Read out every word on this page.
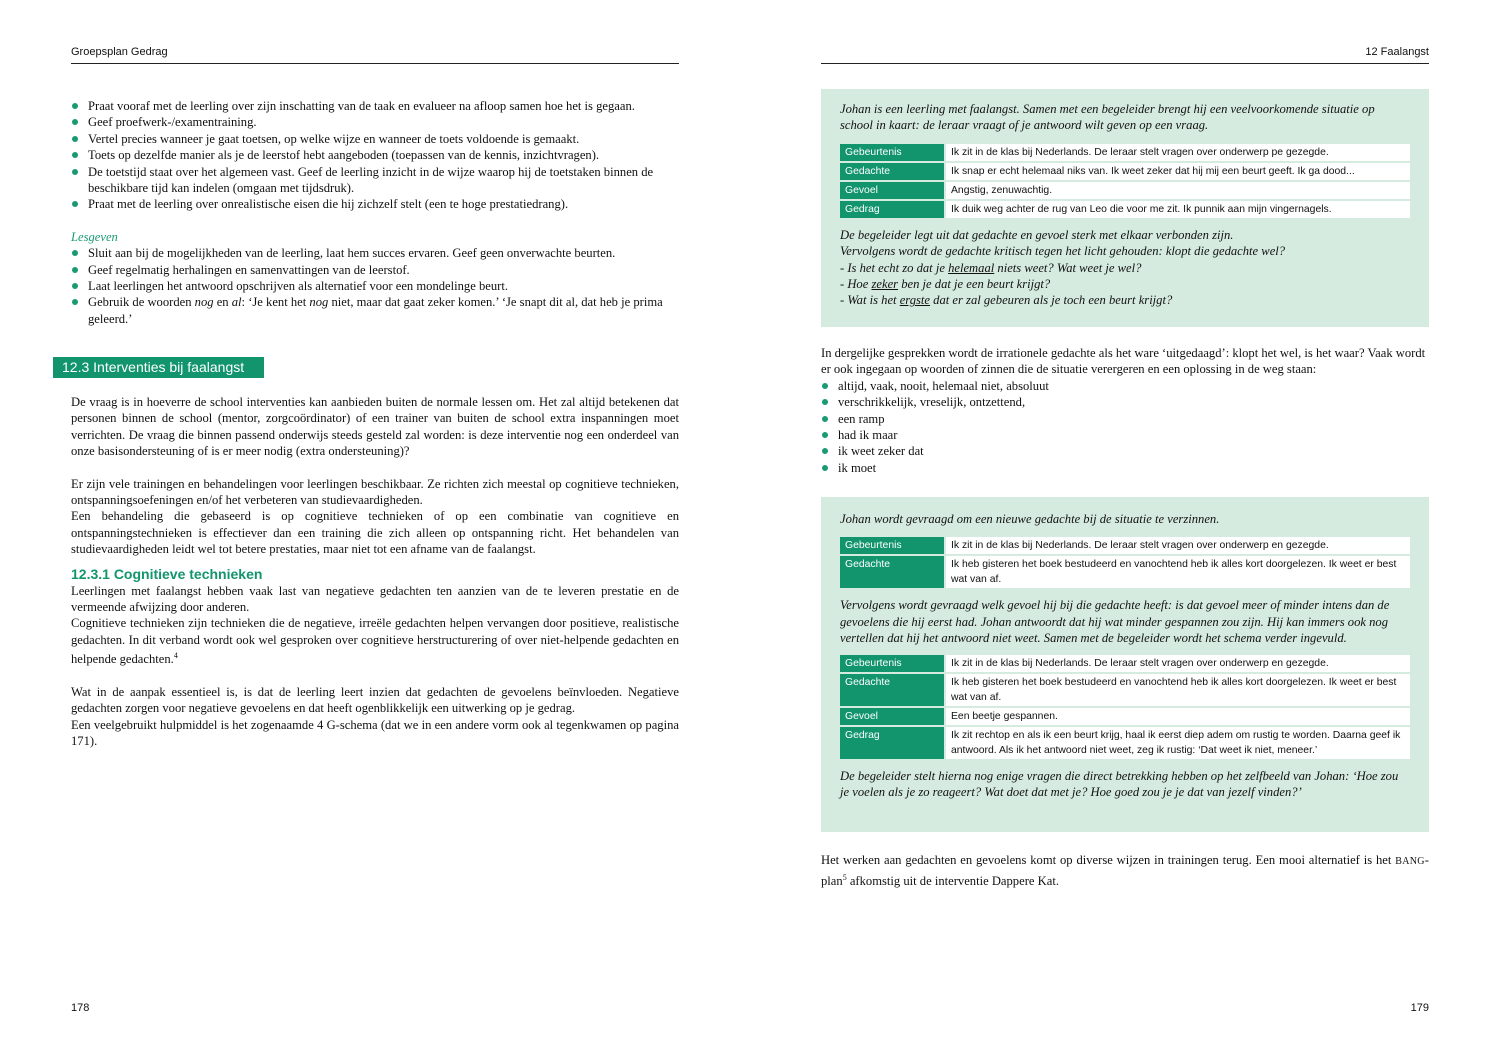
Groepsplan Gedrag
Praat vooraf met de leerling over zijn inschatting van de taak en evalueer na afloop samen hoe het is gegaan.
Geef proefwerk-/examentraining.
Vertel precies wanneer je gaat toetsen, op welke wijze en wanneer de toets voldoende is gemaakt.
Toets op dezelfde manier als je de leerstof hebt aangeboden (toepassen van de kennis, inzichtvragen).
De toetstijd staat over het algemeen vast. Geef de leerling inzicht in de wijze waarop hij de toetstaken binnen de beschikbare tijd kan indelen (omgaan met tijdsdruk).
Praat met de leerling over onrealistische eisen die hij zichzelf stelt (een te hoge prestatiedrang).
Lesgeven
Sluit aan bij de mogelijkheden van de leerling, laat hem succes ervaren. Geef geen onverwachte beurten.
Geef regelmatig herhalingen en samenvattingen van de leerstof.
Laat leerlingen het antwoord opschrijven als alternatief voor een mondelinge beurt.
Gebruik de woorden nog en al: ‘Je kent het nog niet, maar dat gaat zeker komen.’ ‘Je snapt dit al, dat heb je prima geleerd.’
12.3 Interventies bij faalangst

De vraag is in hoeverre de school interventies kan aanbieden buiten de normale lessen om. Het zal altijd betekenen dat personen binnen de school (mentor, zorgcoördinator) of een trainer van buiten de school extra inspanningen moet verrichten. De vraag die binnen passend onderwijs steeds gesteld zal worden: is deze interventie nog een onderdeel van onze basisondersteuning of is er meer nodig (extra ondersteuning)?

Er zijn vele trainingen en behandelingen voor leerlingen beschikbaar. Ze richten zich meestal op cognitieve technieken, ontspanningsoefeningen en/of het verbeteren van studievaardigheden.

Een behandeling die gebaseerd is op cognitieve technieken of op een combinatie van cognitieve en ontspanningstechnieken is effectiever dan een training die zich alleen op ontspanning richt. Het behandelen van studievaardigheden leidt wel tot betere prestaties, maar niet tot een afname van de faalangst.

12.3.1 Cognitieve technieken

Leerlingen met faalangst hebben vaak last van negatieve gedachten ten aanzien van de te leveren prestatie en de vermeende afwijzing door anderen.

Cognitieve technieken zijn technieken die de negatieve, irreële gedachten helpen vervangen door positieve, realistische gedachten. In dit verband wordt ook wel gesproken over cognitieve herstructurering of over niet-helpende gedachten en helpende gedachten.$^4$

Wat in de aanpak essentieel is, is dat de leerling leert inzien dat gedachten de gevoelens beïnvloeden. Negatieve gedachten zorgen voor negatieve gevoelens en dat heeft ogenblikkelijk een uitwerking op je gedrag.

Een veelgebruikt hulpmiddel is het zogenaamde 4 G-schema (dat we in een andere vorm ook al tegenkwamen op pagina 171).

178
12 Faalangst

Johan is een leerling met faalangst. Samen met een begeleider brengt hij een veelvoorkomende situatie op school in kaart: de leraar vraagt of je antwoord wilt geven op een vraag.

Gebeurtenis	Ik zit in de klas bij Nederlands. De leraar stelt vragen over onderwerp pe gezegde.
Gedachte	Ik snap er echt helemaal niks van. Ik weet zeker dat hij mij een beurt geeft. Ik ga dood...
Gevoel	Angstig, zenuwachtig.
Gedrag	Ik duik weg achter de rug van Leo die voor me zit. Ik punnik aan mijn vingernagels.

De begeleider legt uit dat gedachte en gevoel sterk met elkaar verbonden zijn.

Vervolgens wordt de gedachte kritisch tegen het licht gehouden: klopt die gedachte wel?

- Is het echt zo dat je helemaal niets weet? Wat weet je wel?

- Hoe zeker ben je dat je een beurt krijgt?

- Wat is het ergste dat er zal gebeuren als je toch een beurt krijgt?

In dergelijke gesprekken wordt de irrationele gedachte als het ware ‘uitgedaagd’: klopt het wel, is het waar? Vaak wordt er ook ingegaan op woorden of zinnen die de situatie verergeren en een oplossing in de weg staan:

altijd, vaak, nooit, helemaal niet, absoluut
verschrikkelijk, vreselijk, ontzettend,
een ramp
had ik maar
ik weet zeker dat
ik moet

Johan wordt gevraagd om een nieuwe gedachte bij de situatie te verzinnen.

Gebeurtenis	Ik zit in de klas bij Nederlands. De leraar stelt vragen over onderwerp en gezegde.
Gedachte	Ik heb gisteren het boek bestudeerd en vanochtend heb ik alles kort doorgelezen. Ik weet er best wat van af.

Vervolgens wordt gevraagd welk gevoel hij bij die gedachte heeft: is dat gevoel meer of minder intens dan de gevoelens die hij eerst had. Johan antwoordt dat hij wat minder gespannen zou zijn. Hij kan immers ook nog vertellen dat hij het antwoord niet weet. Samen met de begeleider wordt het schema verder ingevuld.

Gebeurtenis	Ik zit in de klas bij Nederlands. De leraar stelt vragen over onderwerp en gezegde.
Gedachte	Ik heb gisteren het boek bestudeerd en vanochtend heb ik alles kort doorgelezen. Ik weet er best wat van af.
Gevoel	Een beetje gespannen.
Gedrag	Ik zit rechtop en als ik een beurt krijg, haal ik eerst diep adem om rustig te worden. Daarna geef ik antwoord. Als ik het antwoord niet weet, zeg ik rustig: ‘Dat weet ik niet, meneer.’

De begeleider stelt hierna nog enige vragen die direct betrekking hebben op het zelfbeeld van Johan: ‘Hoe zou je voelen als je zo reageert? Wat doet dat met je? Hoe goed zou je je dat van jezelf vinden?’

Het werken aan gedachten en gevoelens komt op diverse wijzen in trainingen terug. Een mooi alternatief is het BANG-plan$^5$ afkomstig uit de interventie Dappere Kat.

179
